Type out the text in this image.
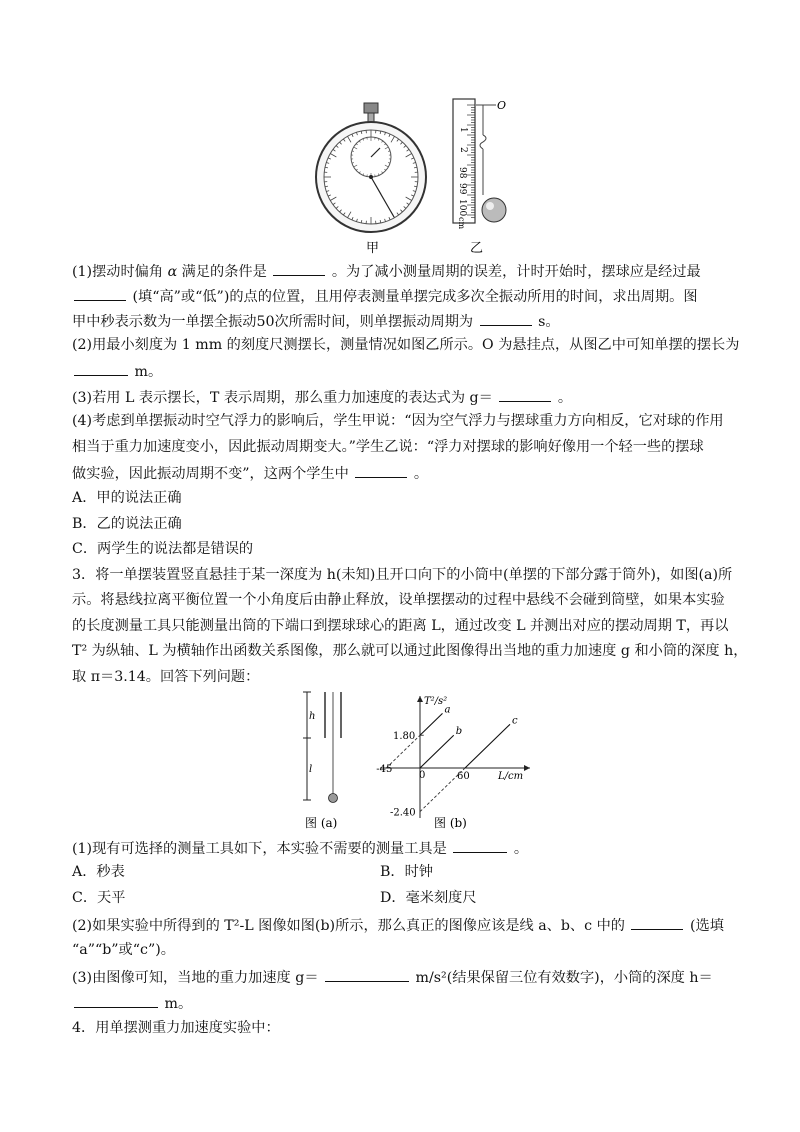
甲
O
1
2
98
99
100
cm
乙
(1)摆动时偏角 α 满足的条件是	。为了减小测量周期的误差，计时开始时，摆球应是经过最
(填“高”或“低”)的点的位置，且用停表测量单摆完成多次全振动所用的时间，求出周期。图
甲中秒表示数为一单摆全振动50次所需时间，则单摆振动周期为	s。
(2)用最小刻度为 1 mm 的刻度尺测摆长，测量情况如图乙所示。O 为悬挂点，从图乙中可知单摆的摆长为
m。
(3)若用 L 表示摆长，T 表示周期，那么重力加速度的表达式为 g＝	。
(4)考虑到单摆振动时空气浮力的影响后，学生甲说：“因为空气浮力与摆球重力方向相反，它对球的作用
相当于重力加速度变小，因此振动周期变大。”学生乙说：“浮力对摆球的影响好像用一个轻一些的摆球
做实验，因此振动周期不变”，这两个学生中	。
A．甲的说法正确
B．乙的说法正确
C．两学生的说法都是错误的
3．将一单摆装置竖直悬挂于某一深度为 h(未知)且开口向下的小筒中(单摆的下部分露于筒外)，如图(a)所
示。将悬线拉离平衡位置一个小角度后由静止释放，设单摆摆动的过程中悬线不会碰到筒壁，如果本实验
的长度测量工具只能测量出筒的下端口到摆球球心的距离 L，通过改变 L 并测出对应的摆动周期 T，再以
T² 为纵轴、L 为横轴作出函数关系图像，那么就可以通过此图像得出当地的重力加速度 g 和小筒的深度 h，
取 π＝3.14。回答下列问题：
h
l
图 (a)
a
b
c
T²/s²
L/cm
0
1.80
-2.40
-45
60
图 (b)
(1)现有可选择的测量工具如下，本实验不需要的测量工具是	。
A．秒表	B．时钟
C．天平	D．毫米刻度尺
(2)如果实验中所得到的 T²-L 图像如图(b)所示，那么真正的图像应该是线 a、b、c 中的	(选填
“a”“b”或“c”)。
(3)由图像可知，当地的重力加速度 g＝	m/s²(结果保留三位有效数字)，小筒的深度 h＝
m。
4．用单摆测重力加速度实验中：
